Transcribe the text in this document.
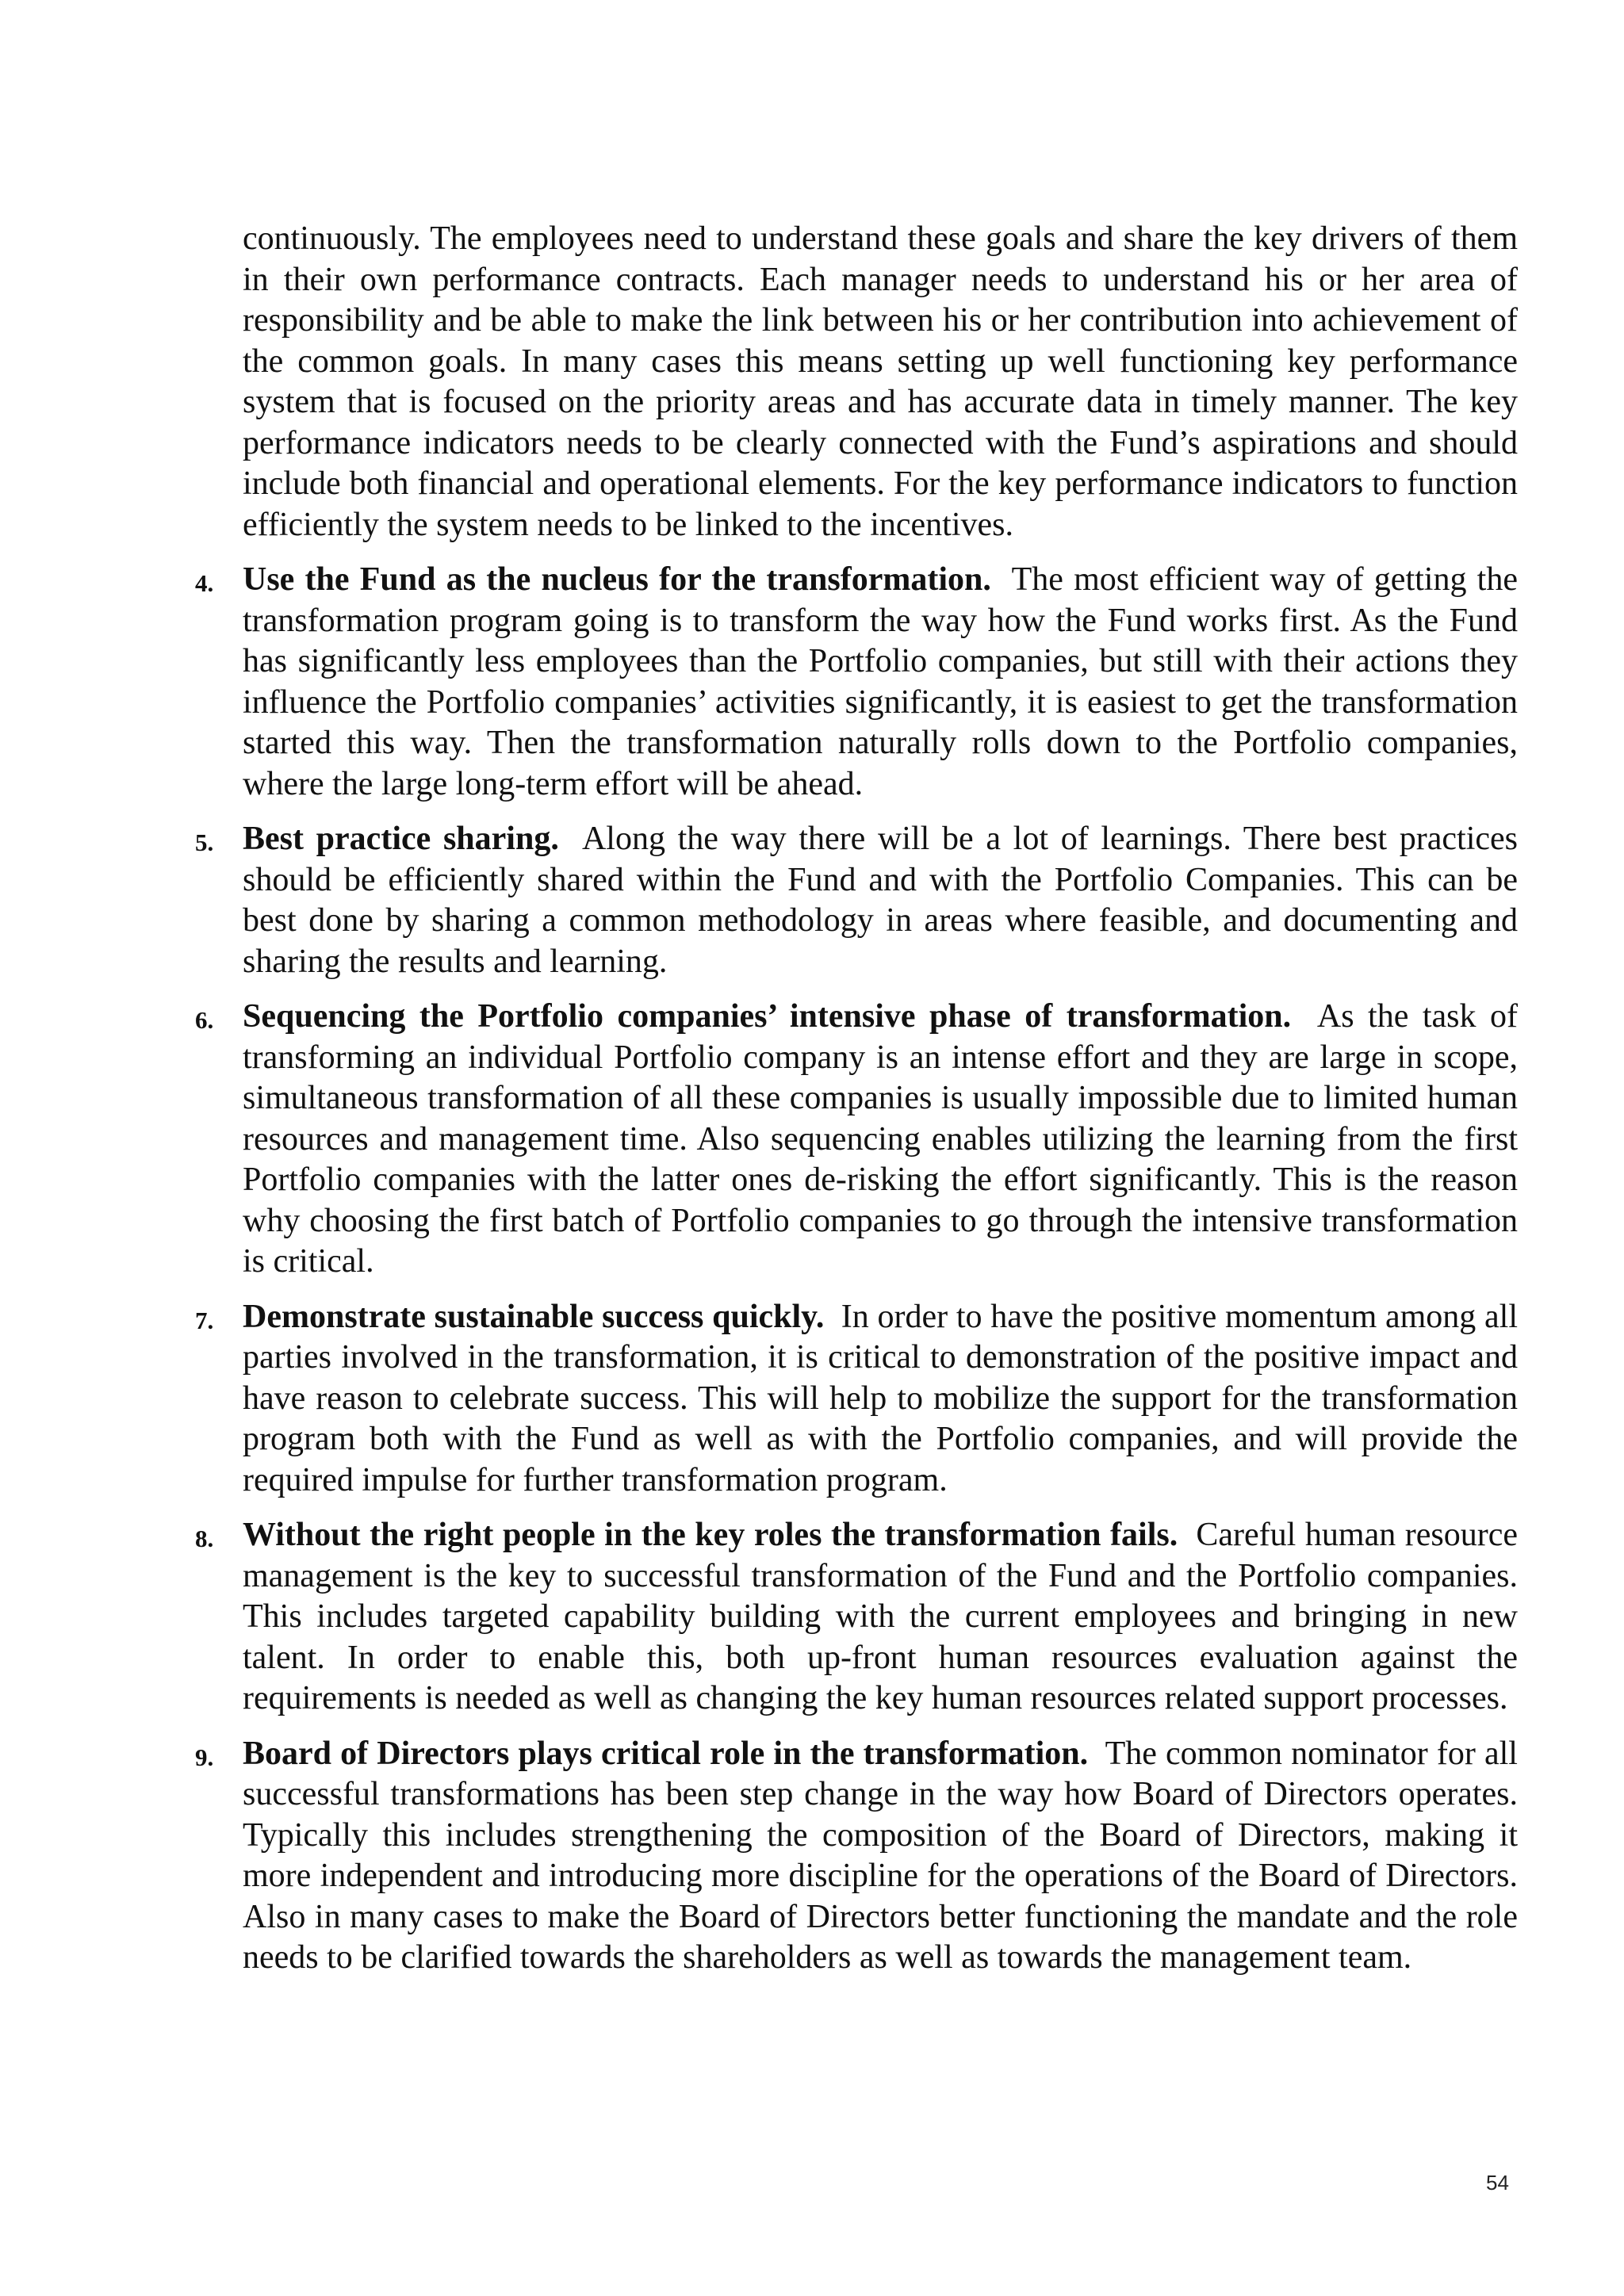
continuously. The employees need to understand these goals and share the key drivers of them in their own performance contracts. Each manager needs to understand his or her area of responsibility and be able to make the link between his or her contribution into achievement of the common goals. In many cases this means setting up well functioning key performance system that is focused on the priority areas and has accurate data in timely manner. The key performance indicators needs to be clearly connected with the Fund’s aspirations and should include both financial and operational elements. For the key performance indicators to function efficiently the system needs to be linked to the incentives.

4. Use the Fund as the nucleus for the transformation. The most efficient way of getting the transformation program going is to transform the way how the Fund works first. As the Fund has significantly less employees than the Portfolio companies, but still with their actions they influence the Portfolio companies’ activities significantly, it is easiest to get the transformation started this way. Then the transformation naturally rolls down to the Portfolio companies, where the large long-term effort will be ahead.

5. Best practice sharing. Along the way there will be a lot of learnings. There best practices should be efficiently shared within the Fund and with the Portfolio Companies. This can be best done by sharing a common methodology in areas where feasible, and documenting and sharing the results and learning.

6. Sequencing the Portfolio companies’ intensive phase of transformation. As the task of transforming an individual Portfolio company is an intense effort and they are large in scope, simultaneous transformation of all these companies is usually impossible due to limited human resources and management time. Also sequencing enables utilizing the learning from the first Portfolio companies with the latter ones de-risking the effort significantly. This is the reason why choosing the first batch of Portfolio companies to go through the intensive transformation is critical.

7. Demonstrate sustainable success quickly. In order to have the positive momentum among all parties involved in the transformation, it is critical to demonstration of the positive impact and have reason to celebrate success. This will help to mobilize the support for the transformation program both with the Fund as well as with the Portfolio companies, and will provide the required impulse for further transformation program.

8. Without the right people in the key roles the transformation fails. Careful human resource management is the key to successful transformation of the Fund and the Portfolio companies. This includes targeted capability building with the current employees and bringing in new talent. In order to enable this, both up-front human resources evaluation against the requirements is needed as well as changing the key human resources related support processes.

9. Board of Directors plays critical role in the transformation. The common nominator for all successful transformations has been step change in the way how Board of Directors operates. Typically this includes strengthening the composition of the Board of Directors, making it more independent and introducing more discipline for the operations of the Board of Directors. Also in many cases to make the Board of Directors better functioning the mandate and the role needs to be clarified towards the shareholders as well as towards the management team.

54
